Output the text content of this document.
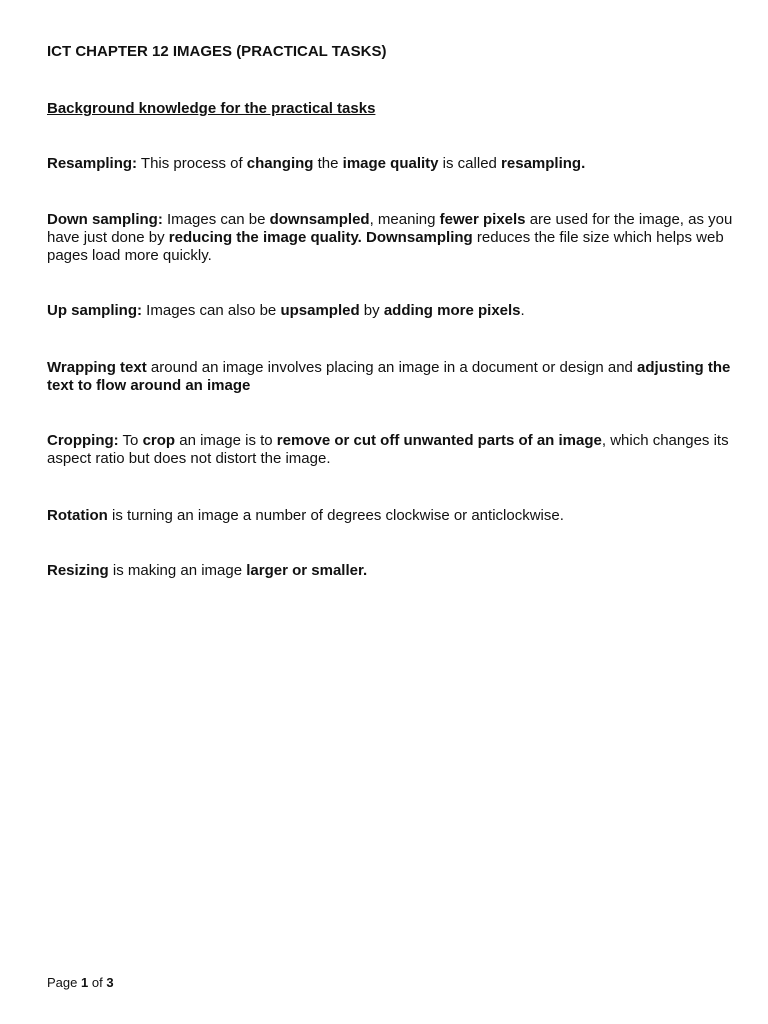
ICT CHAPTER 12 IMAGES (PRACTICAL TASKS)
Background knowledge for the practical tasks
Resampling: This process of changing the image quality is called resampling.
Down sampling: Images can be downsampled, meaning fewer pixels are used for the image, as you have just done by reducing the image quality. Downsampling reduces the file size which helps web pages load more quickly.
Up sampling: Images can also be upsampled by adding more pixels.
Wrapping text around an image involves placing an image in a document or design and adjusting the text to flow around an image
Cropping: To crop an image is to remove or cut off unwanted parts of an image, which changes its aspect ratio but does not distort the image.
Rotation is turning an image a number of degrees clockwise or anticlockwise.
Resizing is making an image larger or smaller.
Page 1 of 3
